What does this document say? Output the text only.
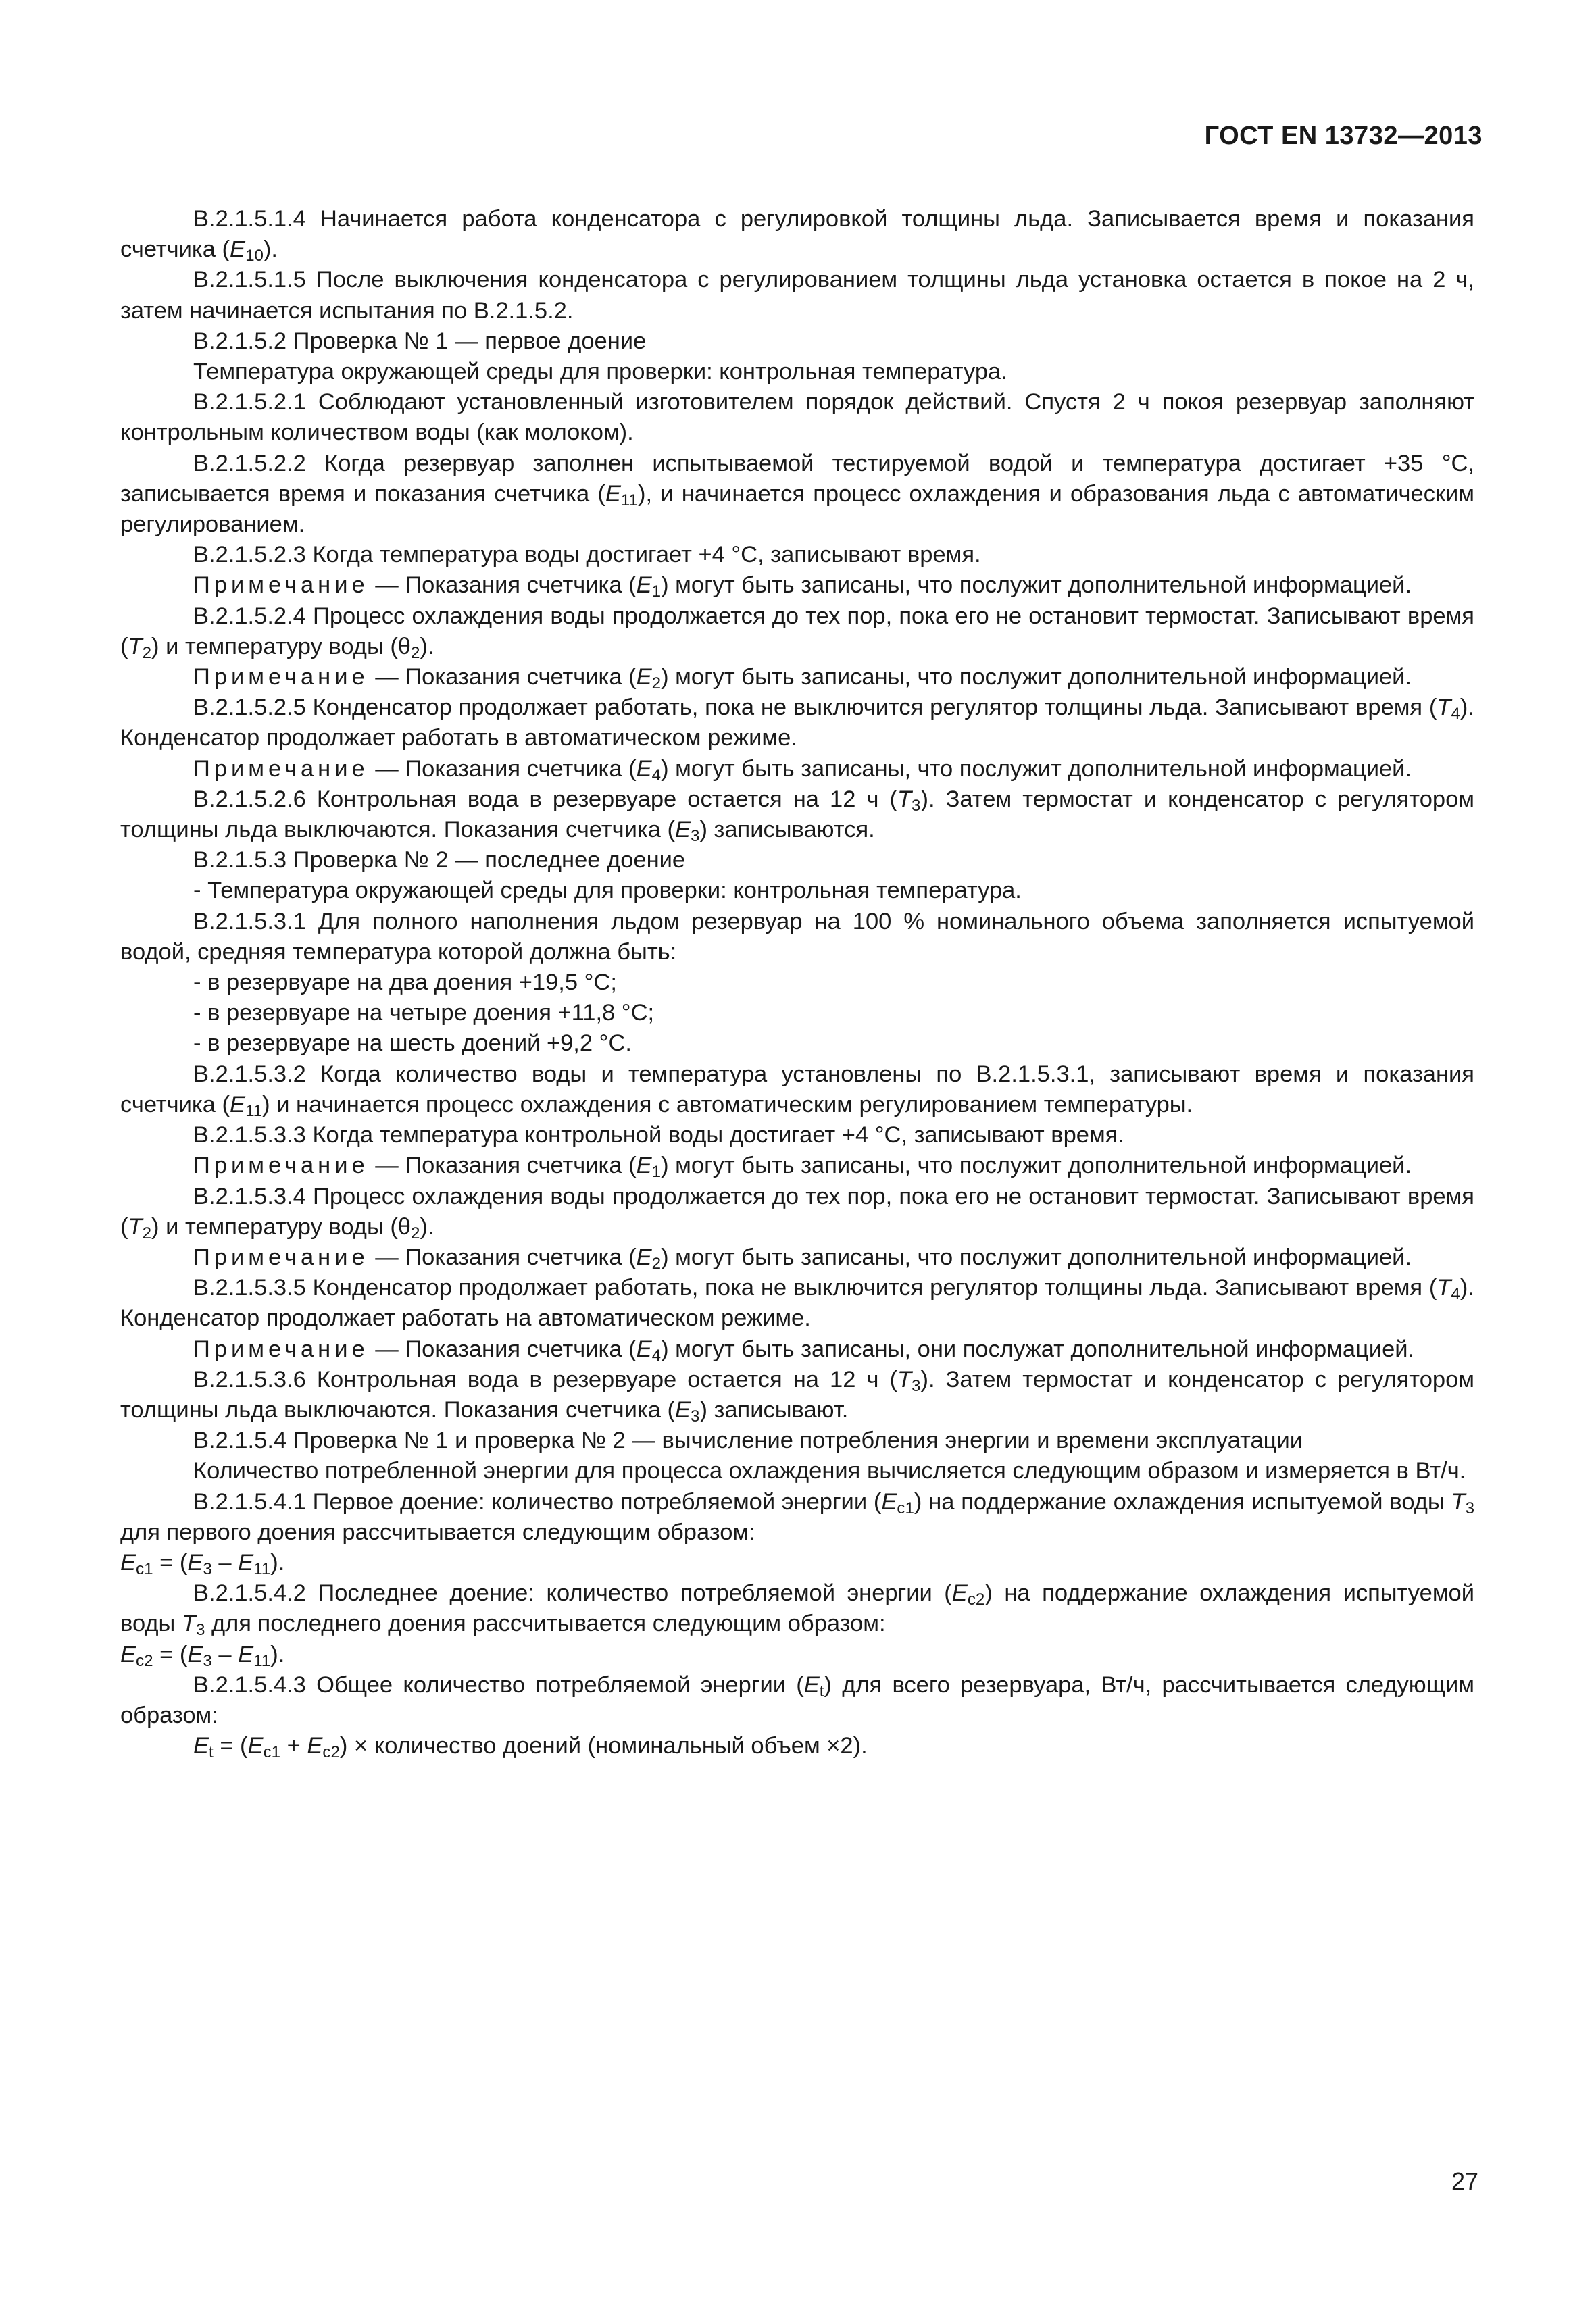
ГОСТ EN 13732—2013

В.2.1.5.1.4 Начинается работа конденсатора с регулировкой толщины льда. Записывается время и показания счетчика $(E_{10})$.

В.2.1.5.1.5 После выключения конденсатора с регулированием толщины льда установка остается в покое на 2 ч, затем начинается испытания по В.2.1.5.2.

В.2.1.5.2 Проверка № 1 — первое доение

Температура окружающей среды для проверки: контрольная температура.

В.2.1.5.2.1 Соблюдают установленный изготовителем порядок действий. Спустя 2 ч покоя резервуар заполняют контрольным количеством воды (как молоком).

В.2.1.5.2.2 Когда резервуар заполнен испытываемой тестируемой водой и температура достигает +35 °С, записывается время и показания счетчика $(E_{11})$, и начинается процесс охлаждения и образования льда с автоматическим регулированием.

В.2.1.5.2.3 Когда температура воды достигает +4 °С, записывают время.

Примечание — Показания счетчика $(E_1)$ могут быть записаны, что послужит дополнительной информацией.

В.2.1.5.2.4 Процесс охлаждения воды продолжается до тех пор, пока его не остановит термостат. Записывают время $(T_2)$ и температуру воды $(\theta_2)$.

Примечание — Показания счетчика $(E_2)$ могут быть записаны, что послужит дополнительной информацией.

В.2.1.5.2.5 Конденсатор продолжает работать, пока не выключится регулятор толщины льда. Записывают время $(T_4)$. Конденсатор продолжает работать в автоматическом режиме.

Примечание — Показания счетчика $(E_4)$ могут быть записаны, что послужит дополнительной информацией.

В.2.1.5.2.6 Контрольная вода в резервуаре остается на 12 ч $(T_3)$. Затем термостат и конденсатор с регулятором толщины льда выключаются. Показания счетчика $(E_3)$ записываются.

В.2.1.5.3 Проверка № 2 — последнее доение

- Температура окружающей среды для проверки: контрольная температура.

В.2.1.5.3.1 Для полного наполнения льдом резервуар на 100 % номинального объема заполняется испытуемой водой, средняя температура которой должна быть:

- в резервуаре на два доения +19,5 °С;

- в резервуаре на четыре доения +11,8 °С;

- в резервуаре на шесть доений +9,2 °С.

В.2.1.5.3.2 Когда количество воды и температура установлены по В.2.1.5.3.1, записывают время и показания счетчика $(E_{11})$ и начинается процесс охлаждения с автоматическим регулированием температуры.

В.2.1.5.3.3 Когда температура контрольной воды достигает +4 °С, записывают время.

Примечание — Показания счетчика $(E_1)$ могут быть записаны, что послужит дополнительной информацией.

В.2.1.5.3.4 Процесс охлаждения воды продолжается до тех пор, пока его не остановит термостат. Записывают время $(T_2)$ и температуру воды $(\theta_2)$.

Примечание — Показания счетчика $(E_2)$ могут быть записаны, что послужит дополнительной информацией.

В.2.1.5.3.5 Конденсатор продолжает работать, пока не выключится регулятор толщины льда. Записывают время $(T_4)$. Конденсатор продолжает работать на автоматическом режиме.

Примечание — Показания счетчика $(E_4)$ могут быть записаны, они послужат дополнительной информацией.

В.2.1.5.3.6 Контрольная вода в резервуаре остается на 12 ч $(T_3)$. Затем термостат и конденсатор с регулятором толщины льда выключаются. Показания счетчика $(E_3)$ записывают.

В.2.1.5.4 Проверка № 1 и проверка № 2 — вычисление потребления энергии и времени эксплуатации

Количество потребленной энергии для процесса охлаждения вычисляется следующим образом и измеряется в Вт/ч.

В.2.1.5.4.1 Первое доение: количество потребляемой энергии $(E_{c1})$ на поддержание охлаждения испытуемой воды $T_3$ для первого доения рассчитывается следующим образом:

$E_{c1} = (E_3 - E_{11})$.

В.2.1.5.4.2 Последнее доение: количество потребляемой энергии $(E_{c2})$ на поддержание охлаждения испытуемой воды $T_3$ для последнего доения рассчитывается следующим образом:

$E_{c2} = (E_3 - E_{11})$.

В.2.1.5.4.3 Общее количество потребляемой энергии $(E_t)$ для всего резервуара, Вт/ч, рассчитывается следующим образом:

$E_t = (E_{c1} + E_{c2})$ × количество доений (номинальный объем ×2).

27
